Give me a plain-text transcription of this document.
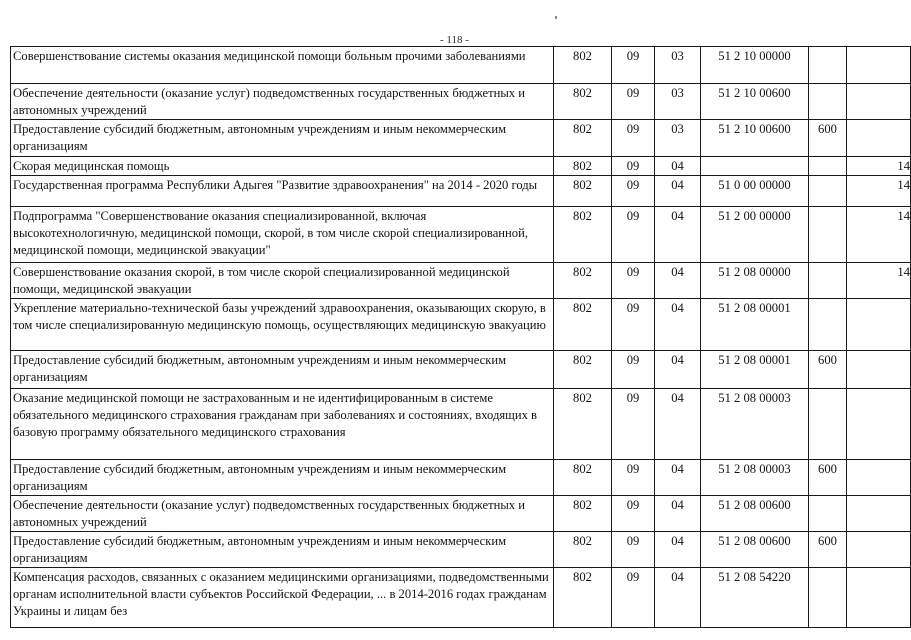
- 118 -
Совершенствование системы оказания медицинской помощи больным прочими заболеваниями	802	09	03	51 2 10 00000		
Обеспечение деятельности (оказание услуг) подведомственных государственных бюджетных и автономных учреждений	802	09	03	51 2 10 00600		
Предоставление субсидий бюджетным, автономным учреждениям и иным некоммерческим организациям	802	09	03	51 2 10 00600	600	
Скорая медицинская помощь	802	09	04			14
Государственная программа Республики Адыгея "Развитие здравоохранения" на 2014 - 2020 годы	802	09	04	51 0 00 00000		14
Подпрограмма "Совершенствование оказания специализированной, включая высокотехнологичную, медицинской помощи, скорой, в том числе скорой специализированной, медицинской помощи, медицинской эвакуации"	802	09	04	51 2 00 00000		14
Совершенствование оказания скорой, в том числе скорой специализированной медицинской помощи, медицинской эвакуации	802	09	04	51 2 08 00000		14
Укрепление материально-технической базы учреждений здравоохранения, оказывающих скорую, в том числе специализированную медицинскую помощь, осуществляющих медицинскую эвакуацию	802	09	04	51 2 08 00001		
Предоставление субсидий бюджетным, автономным учреждениям и иным некоммерческим организациям	802	09	04	51 2 08 00001	600	
Оказание медицинской помощи не застрахованным и не идентифицированным в системе обязательного медицинского страхования гражданам при заболеваниях и состояниях, входящих в базовую программу обязательного медицинского страхования	802	09	04	51 2 08 00003		
Предоставление субсидий бюджетным, автономным учреждениям и иным некоммерческим организациям	802	09	04	51 2 08 00003	600	
Обеспечение деятельности (оказание услуг) подведомственных государственных бюджетных и автономных учреждений	802	09	04	51 2 08 00600		
Предоставление субсидий бюджетным, автономным учреждениям и иным некоммерческим организациям	802	09	04	51 2 08 00600	600	
Компенсация расходов, связанных с оказанием медицинскими организациями, подведомственными органам исполнительной власти субъектов Российской Федерации, ... в 2014-2016 годах гражданам Украины и лицам без	802	09	04	51 2 08 54220		
